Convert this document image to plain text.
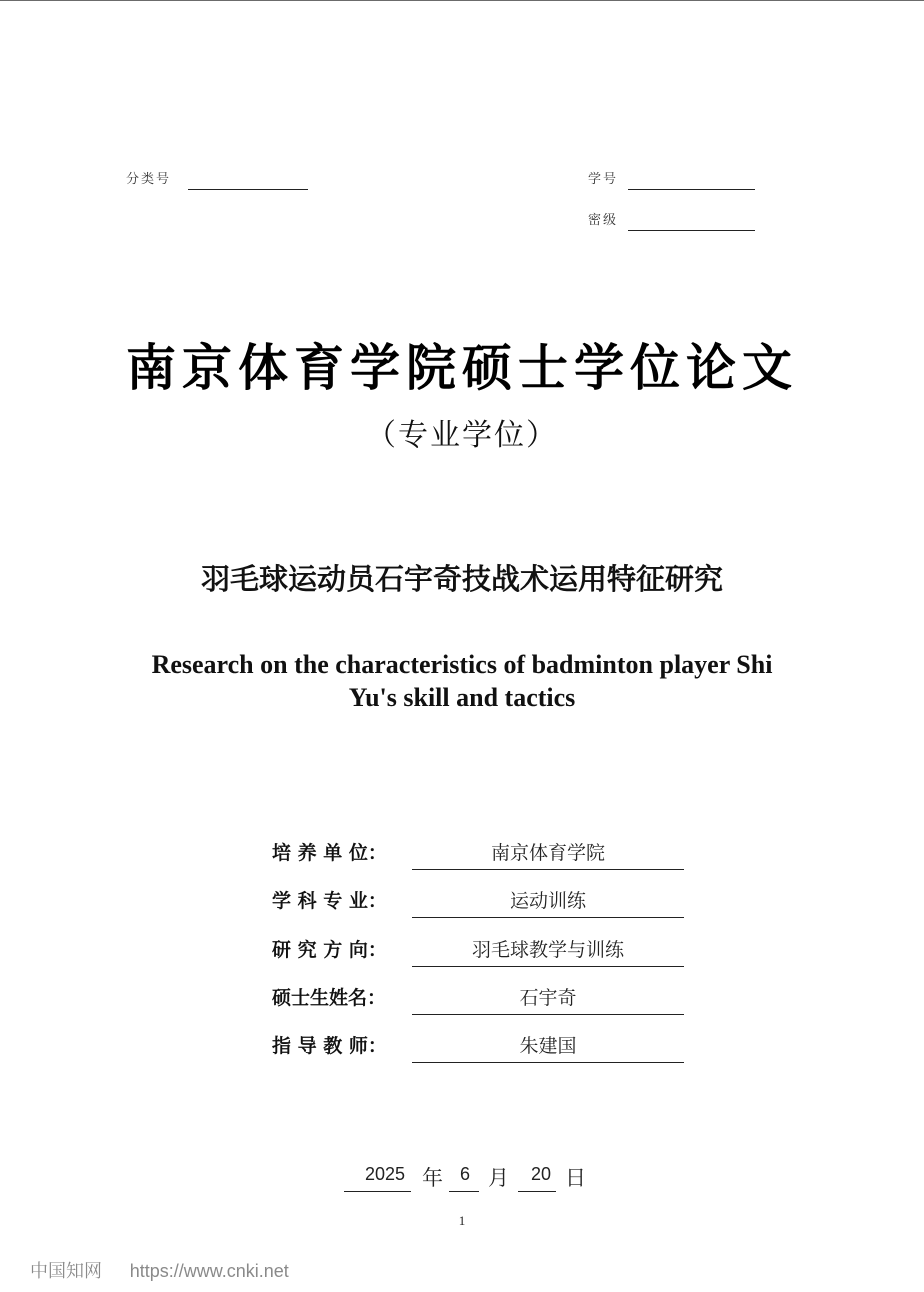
分类号	学号
密级
南京体育学院硕士学位论文
（专业学位）
羽毛球运动员石宇奇技战术运用特征研究
Research on the characteristics of badminton player Shi
Yu's skill and tactics
培 养 单 位：	南京体育学院
学 科 专 业：	运动训练
研 究 方 向：	羽毛球教学与训练
硕士生姓名：	石宇奇
指 导 教 师：	朱建国
2025 年 6 月 20 日
1
中国知网 https://www.cnki.net
